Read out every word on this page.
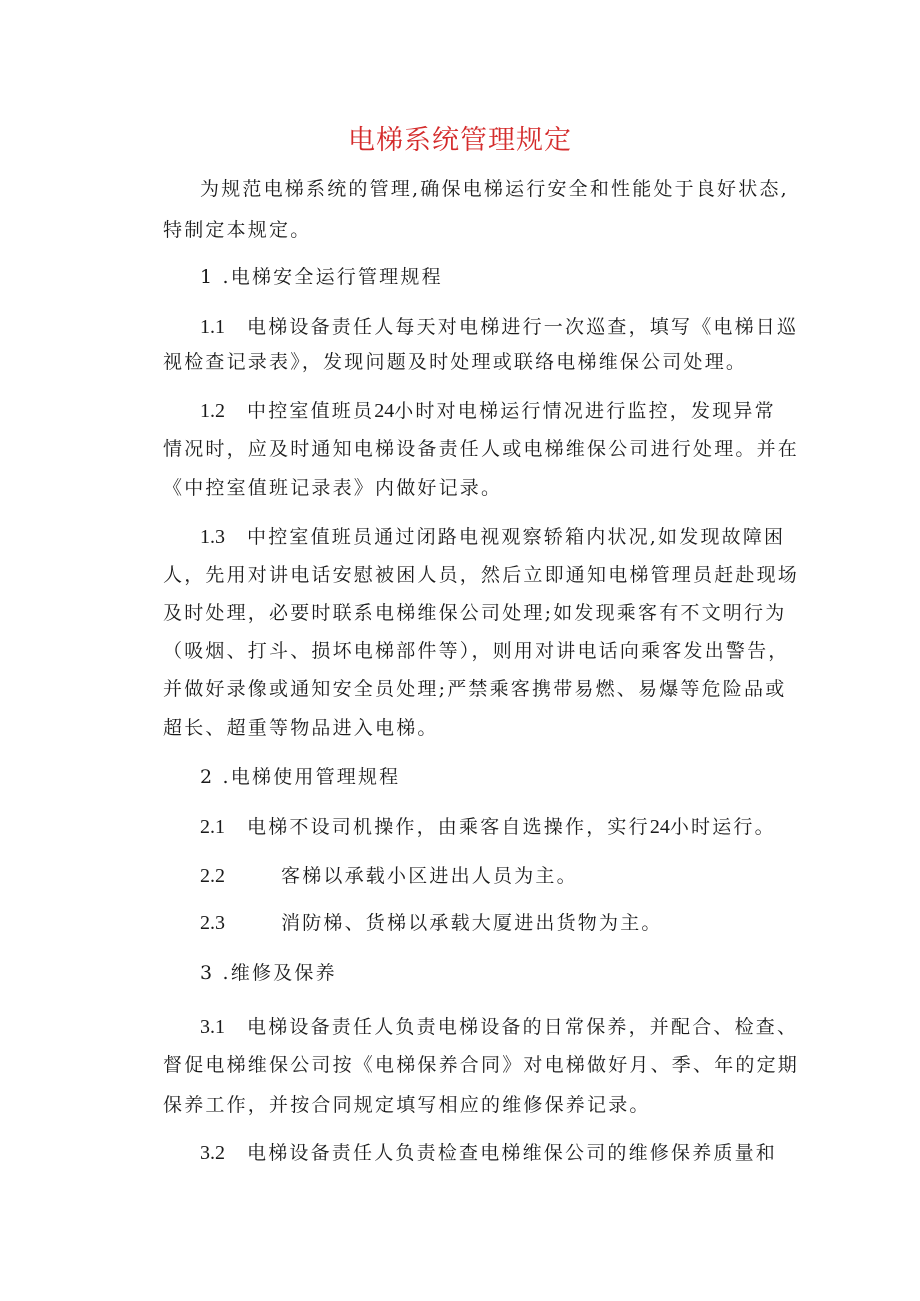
电梯系统管理规定
为规范电梯系统的管理,确保电梯运行安全和性能处于良好状态,
特制定本规定。
1 .电梯安全运行管理规程
1.1 电梯设备责任人每天对电梯进行一次巡查，填写《电梯日巡
视检查记录表》，发现问题及时处理或联络电梯维保公司处理。
1.2 中控室值班员24小时对电梯运行情况进行监控，发现异常
情况时，应及时通知电梯设备责任人或电梯维保公司进行处理。并在
《中控室值班记录表》内做好记录。
1.3 中控室值班员通过闭路电视观察轿箱内状况,如发现故障困
人，先用对讲电话安慰被困人员，然后立即通知电梯管理员赶赴现场
及时处理，必要时联系电梯维保公司处理;如发现乘客有不文明行为
（吸烟、打斗、损坏电梯部件等），则用对讲电话向乘客发出警告，
并做好录像或通知安全员处理;严禁乘客携带易燃、易爆等危险品或
超长、超重等物品进入电梯。
2 .电梯使用管理规程
2.1 电梯不设司机操作，由乘客自选操作，实行24小时运行。
2.2	客梯以承载小区进出人员为主。
2.3	消防梯、货梯以承载大厦进出货物为主。
3 .维修及保养
3.1 电梯设备责任人负责电梯设备的日常保养，并配合、检查、
督促电梯维保公司按《电梯保养合同》对电梯做好月、季、年的定期
保养工作，并按合同规定填写相应的维修保养记录。
3.2 电梯设备责任人负责检查电梯维保公司的维修保养质量和
